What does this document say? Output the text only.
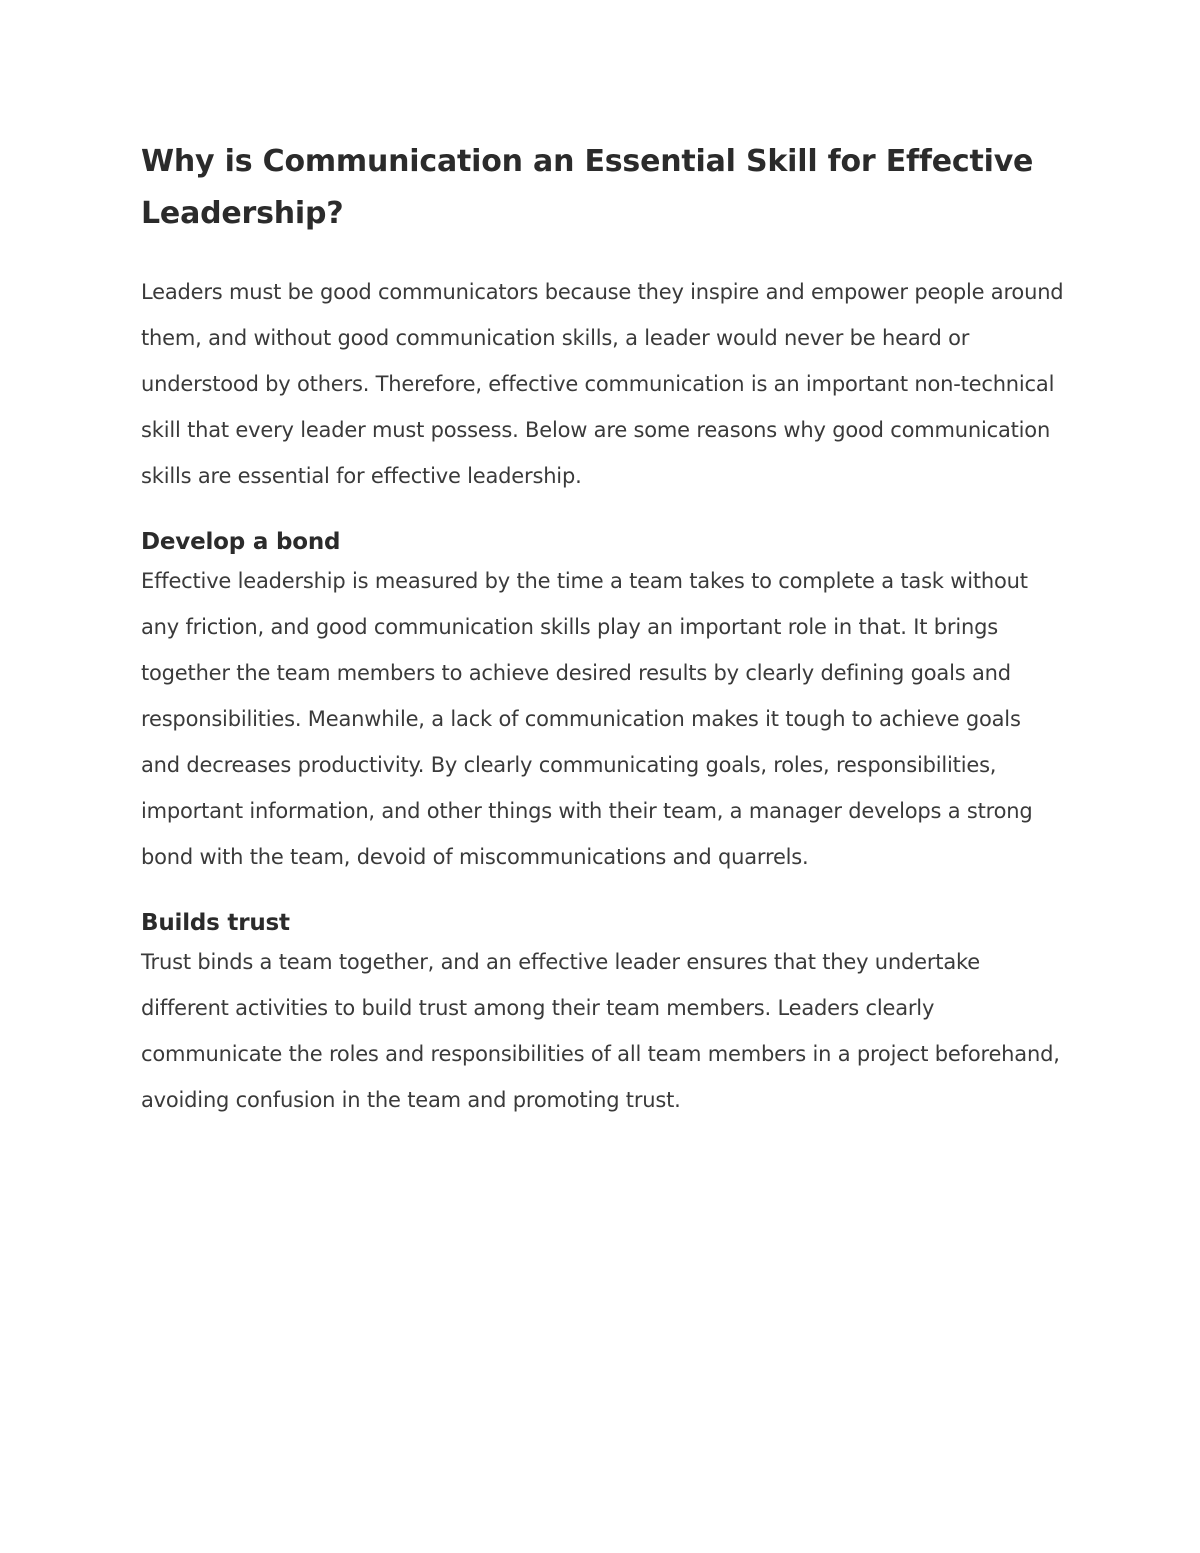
Why is Communication an Essential Skill for Effective Leadership?

Leaders must be good communicators because they inspire and empower people around them, and without good communication skills, a leader would never be heard or understood by others. Therefore, effective communication is an important non-technical skill that every leader must possess. Below are some reasons why good communication skills are essential for effective leadership.

Develop a bond

Effective leadership is measured by the time a team takes to complete a task without any friction, and good communication skills play an important role in that. It brings together the team members to achieve desired results by clearly defining goals and responsibilities. Meanwhile, a lack of communication makes it tough to achieve goals and decreases productivity. By clearly communicating goals, roles, responsibilities, important information, and other things with their team, a manager develops a strong bond with the team, devoid of miscommunications and quarrels.

Builds trust

Trust binds a team together, and an effective leader ensures that they undertake different activities to build trust among their team members. Leaders clearly communicate the roles and responsibilities of all team members in a project beforehand, avoiding confusion in the team and promoting trust.
